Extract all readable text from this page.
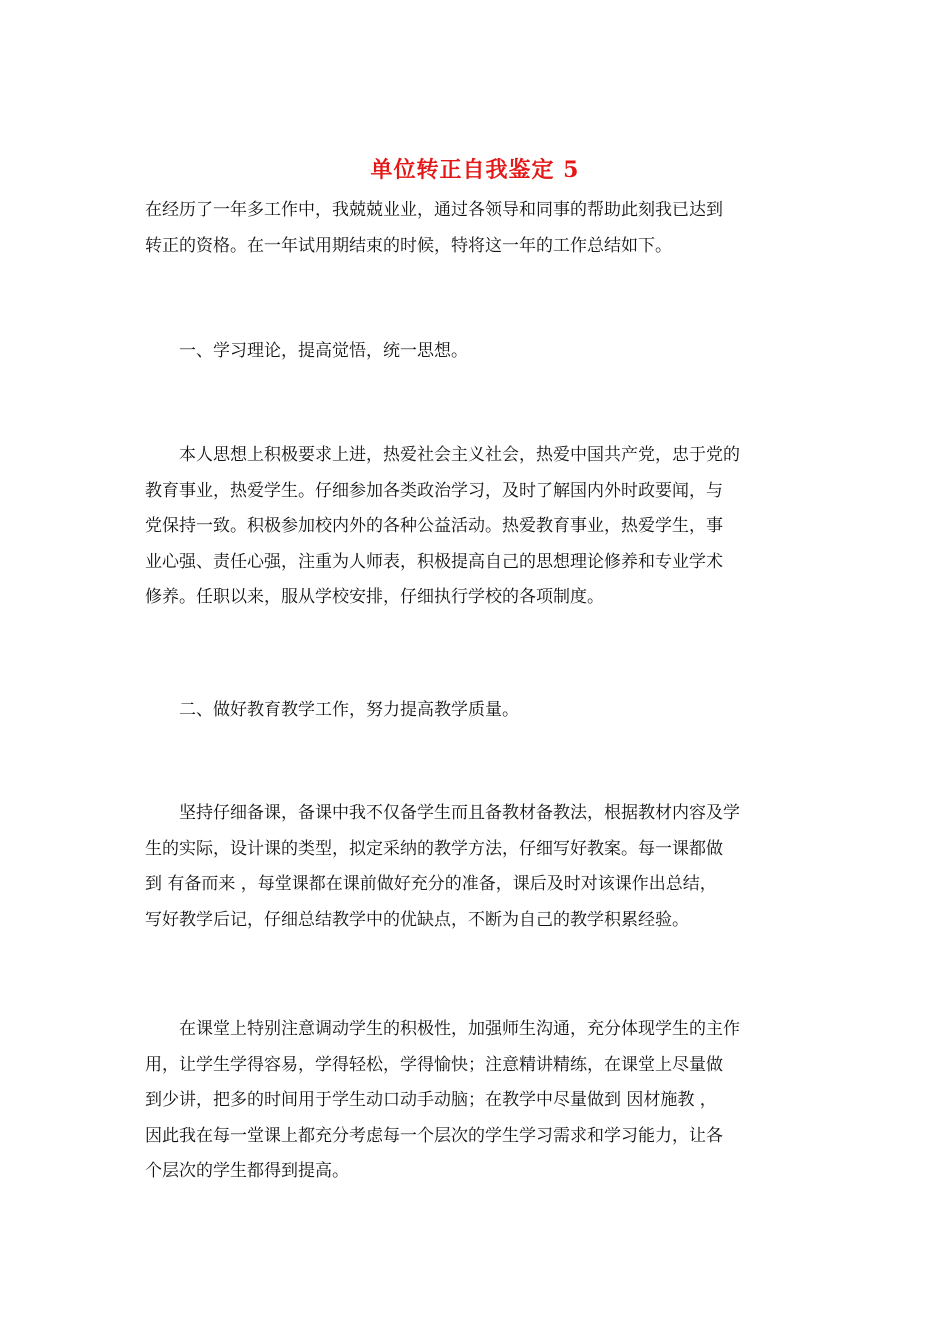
单位转正自我鉴定 5
在经历了一年多工作中，我兢兢业业，通过各领导和同事的帮助此刻我已达到
转正的资格。在一年试用期结束的时候，特将这一年的工作总结如下。
一、学习理论，提高觉悟，统一思想。
本人思想上积极要求上进，热爱社会主义社会，热爱中国共产党，忠于党的
教育事业，热爱学生。仔细参加各类政治学习，及时了解国内外时政要闻，与
党保持一致。积极参加校内外的各种公益活动。热爱教育事业，热爱学生，事
业心强、责任心强，注重为人师表，积极提高自己的思想理论修养和专业学术
修养。任职以来，服从学校安排，仔细执行学校的各项制度。
二、做好教育教学工作，努力提高教学质量。
坚持仔细备课，备课中我不仅备学生而且备教材备教法，根据教材内容及学
生的实际，设计课的类型，拟定采纳的教学方法，仔细写好教案。每一课都做
到 有备而来 ，每堂课都在课前做好充分的准备，课后及时对该课作出总结，
写好教学后记，仔细总结教学中的优缺点，不断为自己的教学积累经验。
在课堂上特别注意调动学生的积极性，加强师生沟通，充分体现学生的主作
用，让学生学得容易，学得轻松，学得愉快；注意精讲精练，在课堂上尽量做
到少讲，把多的时间用于学生动口动手动脑；在教学中尽量做到 因材施教 ，
因此我在每一堂课上都充分考虑每一个层次的学生学习需求和学习能力，让各
个层次的学生都得到提高。
